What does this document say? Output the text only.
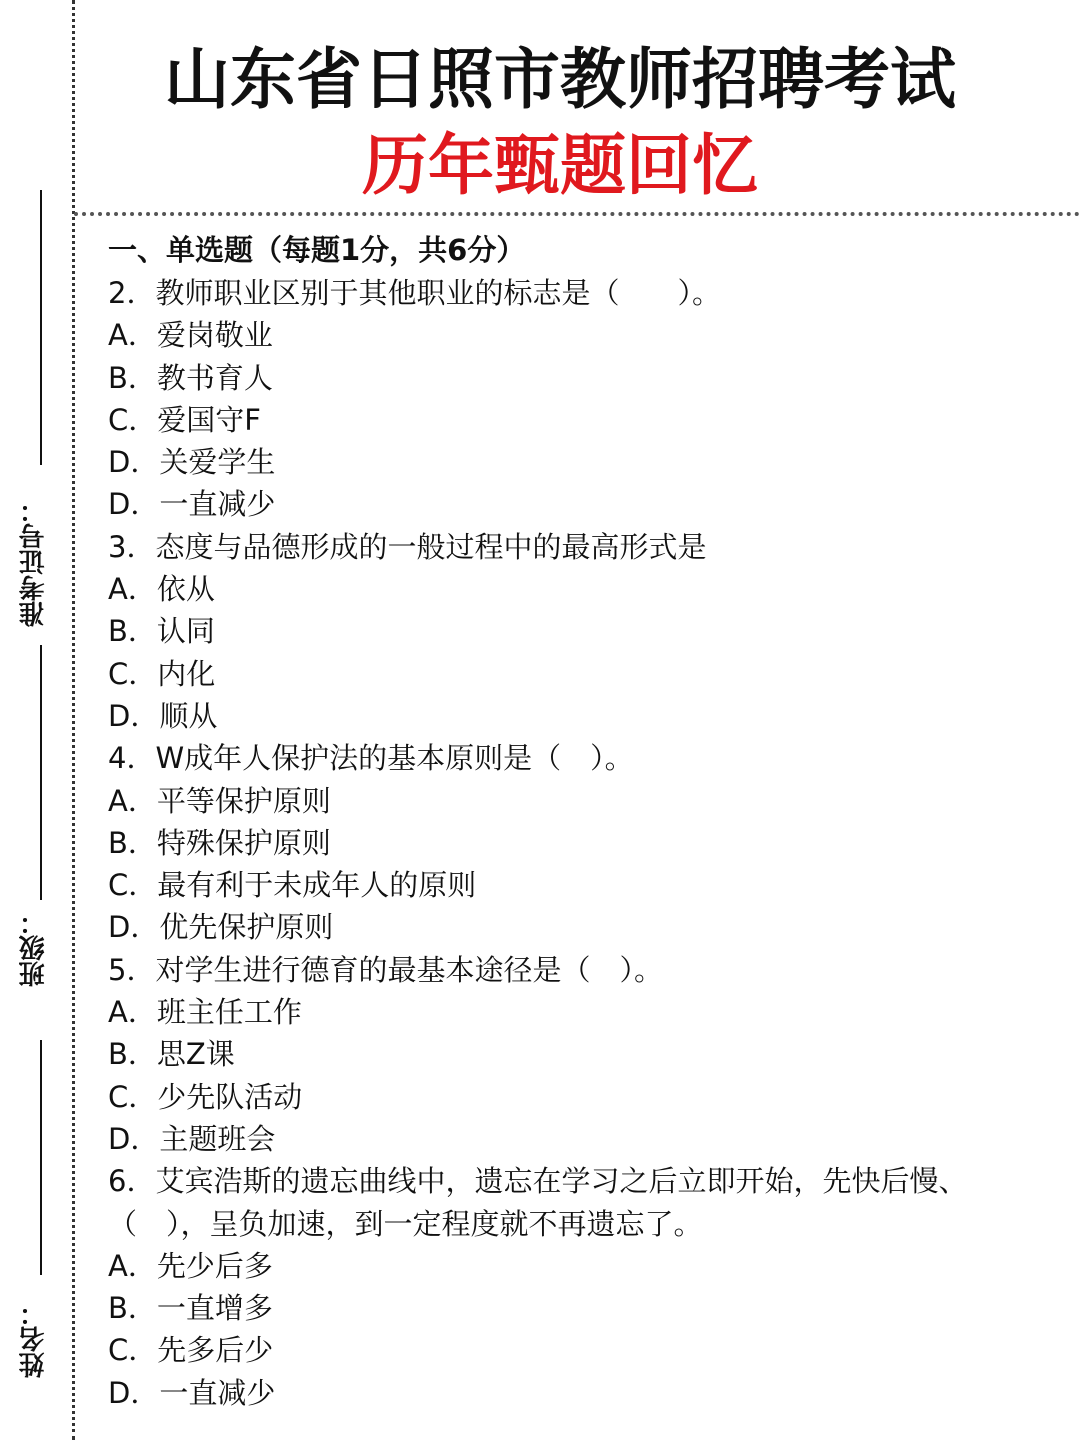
准考证号：
班级：
姓名：
山东省日照市教师招聘考试
历年甄题回忆
一、单选题（每题1分，共6分）
2．教师职业区别于其他职业的标志是（　　）。
A．爱岗敬业
B．教书育人
C．爱国守F
D．关爱学生
D．一直减少
3．态度与品德形成的一般过程中的最高形式是
A．依从
B．认同
C．内化
D．顺从
4．W成年人保护法的基本原则是（　）。
A．平等保护原则
B．特殊保护原则
C．最有利于未成年人的原则
D．优先保护原则
5．对学生进行德育的最基本途径是（　）。
A．班主任工作
B．思Z课
C．少先队活动
D．主题班会
6．艾宾浩斯的遗忘曲线中，遗忘在学习之后立即开始，先快后慢、
（　），呈负加速，到一定程度就不再遗忘了。
A．先少后多
B．一直增多
C．先多后少
D．一直减少
